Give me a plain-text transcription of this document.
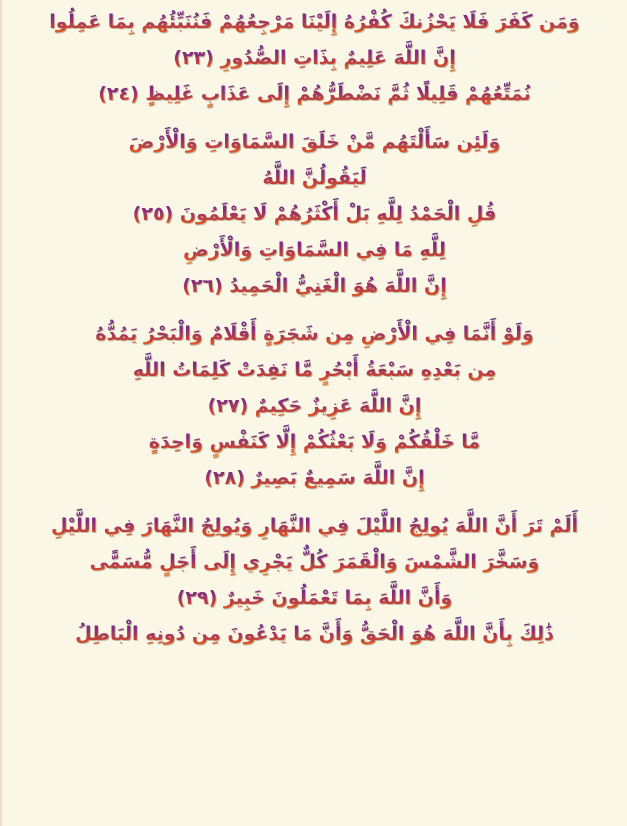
وَمَن كَفَرَ فَلَا يَحْزُنكَ كُفْرُهُ إِلَيْنَا مَرْجِعُهُمْ فَنُنَبِّئُهُم بِمَا عَمِلُوا
إِنَّ اللَّهَ عَلِيمٌ بِذَاتِ الصُّدُورِ (٢٣)
نُمَتِّعُهُمْ قَلِيلًا ثُمَّ نَضْطَرُّهُمْ إِلَى عَذَابٍ غَلِيظٍ (٢٤)
وَلَئِن سَأَلْتَهُم مَّنْ خَلَقَ السَّمَاوَاتِ وَالْأَرْضَ
لَيَقُولُنَّ اللَّهُ
قُلِ الْحَمْدُ لِلَّهِ بَلْ أَكْثَرُهُمْ لَا يَعْلَمُونَ (٢٥)
لِلَّهِ مَا فِي السَّمَاوَاتِ وَالْأَرْضِ
إِنَّ اللَّهَ هُوَ الْغَنِيُّ الْحَمِيدُ (٢٦)
وَلَوْ أَنَّمَا فِي الْأَرْضِ مِن شَجَرَةٍ أَقْلَامٌ وَالْبَحْرُ يَمُدُّهُ
مِن بَعْدِهِ سَبْعَةُ أَبْحُرٍ مَّا نَفِدَتْ كَلِمَاتُ اللَّهِ
إِنَّ اللَّهَ عَزِيزٌ حَكِيمٌ (٢٧)
مَّا خَلْقُكُمْ وَلَا بَعْثُكُمْ إِلَّا كَنَفْسٍ وَاحِدَةٍ
إِنَّ اللَّهَ سَمِيعٌ بَصِيرٌ (٢٨)
أَلَمْ تَرَ أَنَّ اللَّهَ يُولِجُ اللَّيْلَ فِي النَّهَارِ وَيُولِجُ النَّهَارَ فِي اللَّيْلِ
وَسَخَّرَ الشَّمْسَ وَالْقَمَرَ كُلٌّ يَجْرِي إِلَى أَجَلٍ مُّسَمًّى
وَأَنَّ اللَّهَ بِمَا تَعْمَلُونَ خَبِيرٌ (٢٩)
ذَٰلِكَ بِأَنَّ اللَّهَ هُوَ الْحَقُّ وَأَنَّ مَا يَدْعُونَ مِن دُونِهِ الْبَاطِلُ
